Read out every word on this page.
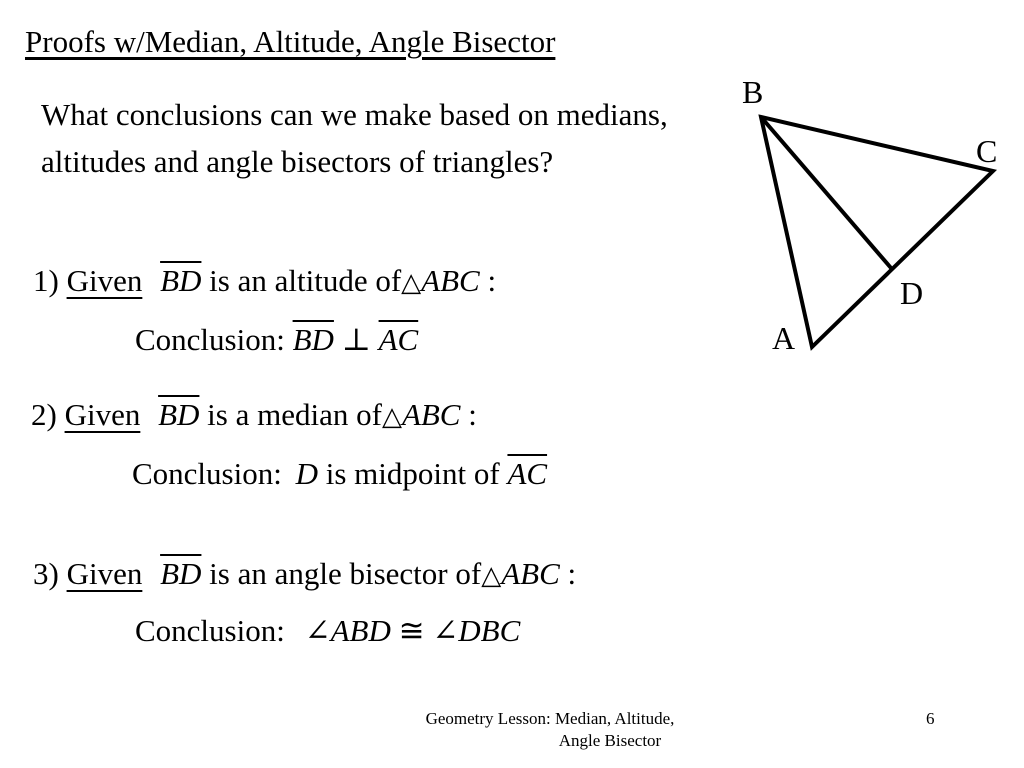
Proofs w/Median, Altitude, Angle Bisector
What conclusions can we make based on medians, altitudes and angle bisectors of triangles?
1) Given $\overline{BD}$ is an altitude of△ABC :
Conclusion: $\overline{BD}$ ⊥ $\overline{AC}$
2) Given $\overline{BD}$ is a median of△ABC :
Conclusion: D is midpoint of $\overline{AC}$
3) Given $\overline{BD}$ is an angle bisector of△ABC :
Conclusion: ∠ABD ≅ ∠DBC
B
C
D
A
Geometry Lesson: Median, Altitude,
Angle Bisector
6
